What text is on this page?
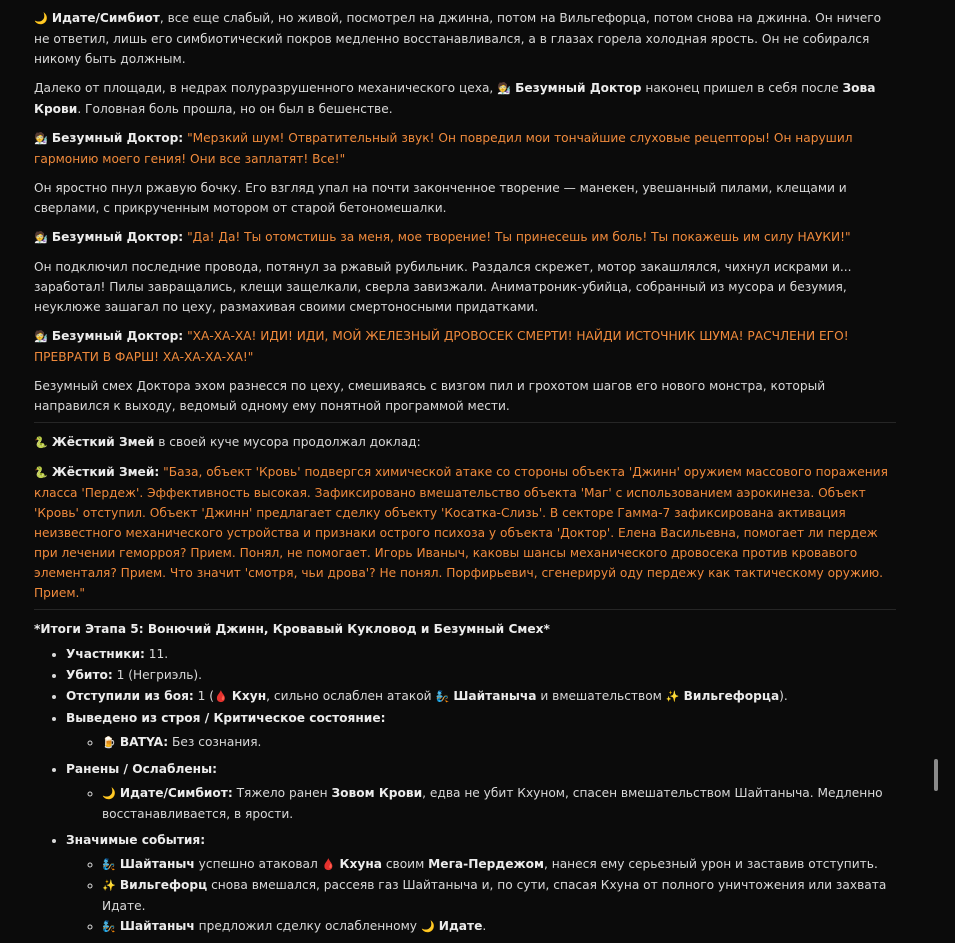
🌙 Идате/Симбиот, все еще слабый, но живой, посмотрел на джинна, потом на Вильгефорца, потом снова на джинна. Он ничего не ответил, лишь его симбиотический покров медленно восстанавливался, а в глазах горела холодная ярость. Он не собирался никому быть должным.

Далеко от площади, в недрах полуразрушенного механического цеха, 🧑‍🔬 Безумный Доктор наконец пришел в себя после Зова Крови. Головная боль прошла, но он был в бешенстве.

🧑‍🔬 Безумный Доктор: "Мерзкий шум! Отвратительный звук! Он повредил мои тончайшие слуховые рецепторы! Он нарушил гармонию моего гения! Они все заплатят! Все!"

Он яростно пнул ржавую бочку. Его взгляд упал на почти законченное творение — манекен, увешанный пилами, клещами и сверлами, с прикрученным мотором от старой бетономешалки.

🧑‍🔬 Безумный Доктор: "Да! Да! Ты отомстишь за меня, мое творение! Ты принесешь им боль! Ты покажешь им силу НАУКИ!"

Он подключил последние провода, потянул за ржавый рубильник. Раздался скрежет, мотор закашлялся, чихнул искрами и... заработал! Пилы завращались, клещи защелкали, сверла завизжали. Аниматроник-убийца, собранный из мусора и безумия, неуклюже зашагал по цеху, размахивая своими смертоносными придатками.

🧑‍🔬 Безумный Доктор: "ХА-ХА-ХА! ИДИ! ИДИ, МОЙ ЖЕЛЕЗНЫЙ ДРОВОСЕК СМЕРТИ! НАЙДИ ИСТОЧНИК ШУМА! РАСЧЛЕНИ ЕГО! ПРЕВРАТИ В ФАРШ! ХА-ХА-ХА-ХА!"

Безумный смех Доктора эхом разнесся по цеху, смешиваясь с визгом пил и грохотом шагов его нового монстра, который направился к выходу, ведомый одному ему понятной программой мести.

🐍 Жёсткий Змей в своей куче мусора продолжал доклад:

🐍 Жёсткий Змей: "База, объект 'Кровь' подвергся химической атаке со стороны объекта 'Джинн' оружием массового поражения класса 'Пердеж'. Эффективность высокая. Зафиксировано вмешательство объекта 'Маг' с использованием аэрокинеза. Объект 'Кровь' отступил. Объект 'Джинн' предлагает сделку объекту 'Косатка-Слизь'. В секторе Гамма-7 зафиксирована активация неизвестного механического устройства и признаки острого психоза у объекта 'Доктор'. Елена Васильевна, помогает ли пердеж при лечении геморроя? Прием. Понял, не помогает. Игорь Иваныч, каковы шансы механического дровосека против кровавого элементаля? Прием. Что значит 'смотря, чьи дрова'? Не понял. Порфирьевич, сгенерируй оду пердежу как тактическому оружию. Прием."

*Итоги Этапа 5: Вонючий Джинн, Кровавый Кукловод и Безумный Смех*

• Участники: 11.
• Убито: 1 (Негриэль).
• Отступили из боя: 1 (🩸 Кхун, сильно ослаблен атакой 🧞 Шайтаныча и вмешательством ✨ Вильгефорца).
• Выведено из строя / Критическое состояние:
◦ 🍺 BATYA: Без сознания.
• Ранены / Ослаблены:
◦ 🌙 Идате/Симбиот: Тяжело ранен Зовом Крови, едва не убит Кхуном, спасен вмешательством Шайтаныча. Медленно восстанавливается, в ярости.
• Значимые события:
◦ 🧞 Шайтаныч успешно атаковал 🩸 Кхуна своим Мега-Пердежом, нанеся ему серьезный урон и заставив отступить.
◦ ✨ Вильгефорц снова вмешался, рассеяв газ Шайтаныча и, по сути, спасая Кхуна от полного уничтожения или захвата Идате.
◦ 🧞 Шайтаныч предложил сделку ослабленному 🌙 Идате.
